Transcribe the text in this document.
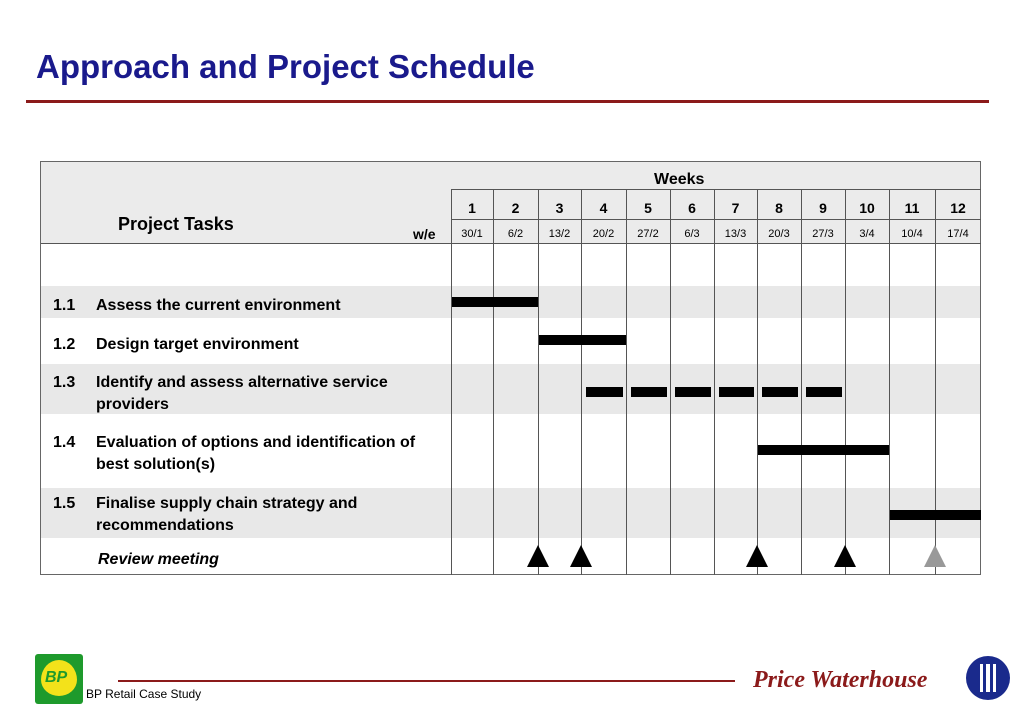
Approach and Project Schedule
Weeks
Project Tasks	w/e
1
30/1
2
6/2
3
13/2
4
20/2
5
27/2
6
6/3
7
13/3
8
20/3
9
27/3
10
3/4
11
10/4
12
17/4
1.1 Assess the current environment
1.2 Design target environment
1.3 Identify and assess alternative service providers
1.4 Evaluation of options and identification of best solution(s)
1.5 Finalise supply chain strategy and recommendations
Review meeting
BP
BP Retail Case Study
Price Waterhouse
